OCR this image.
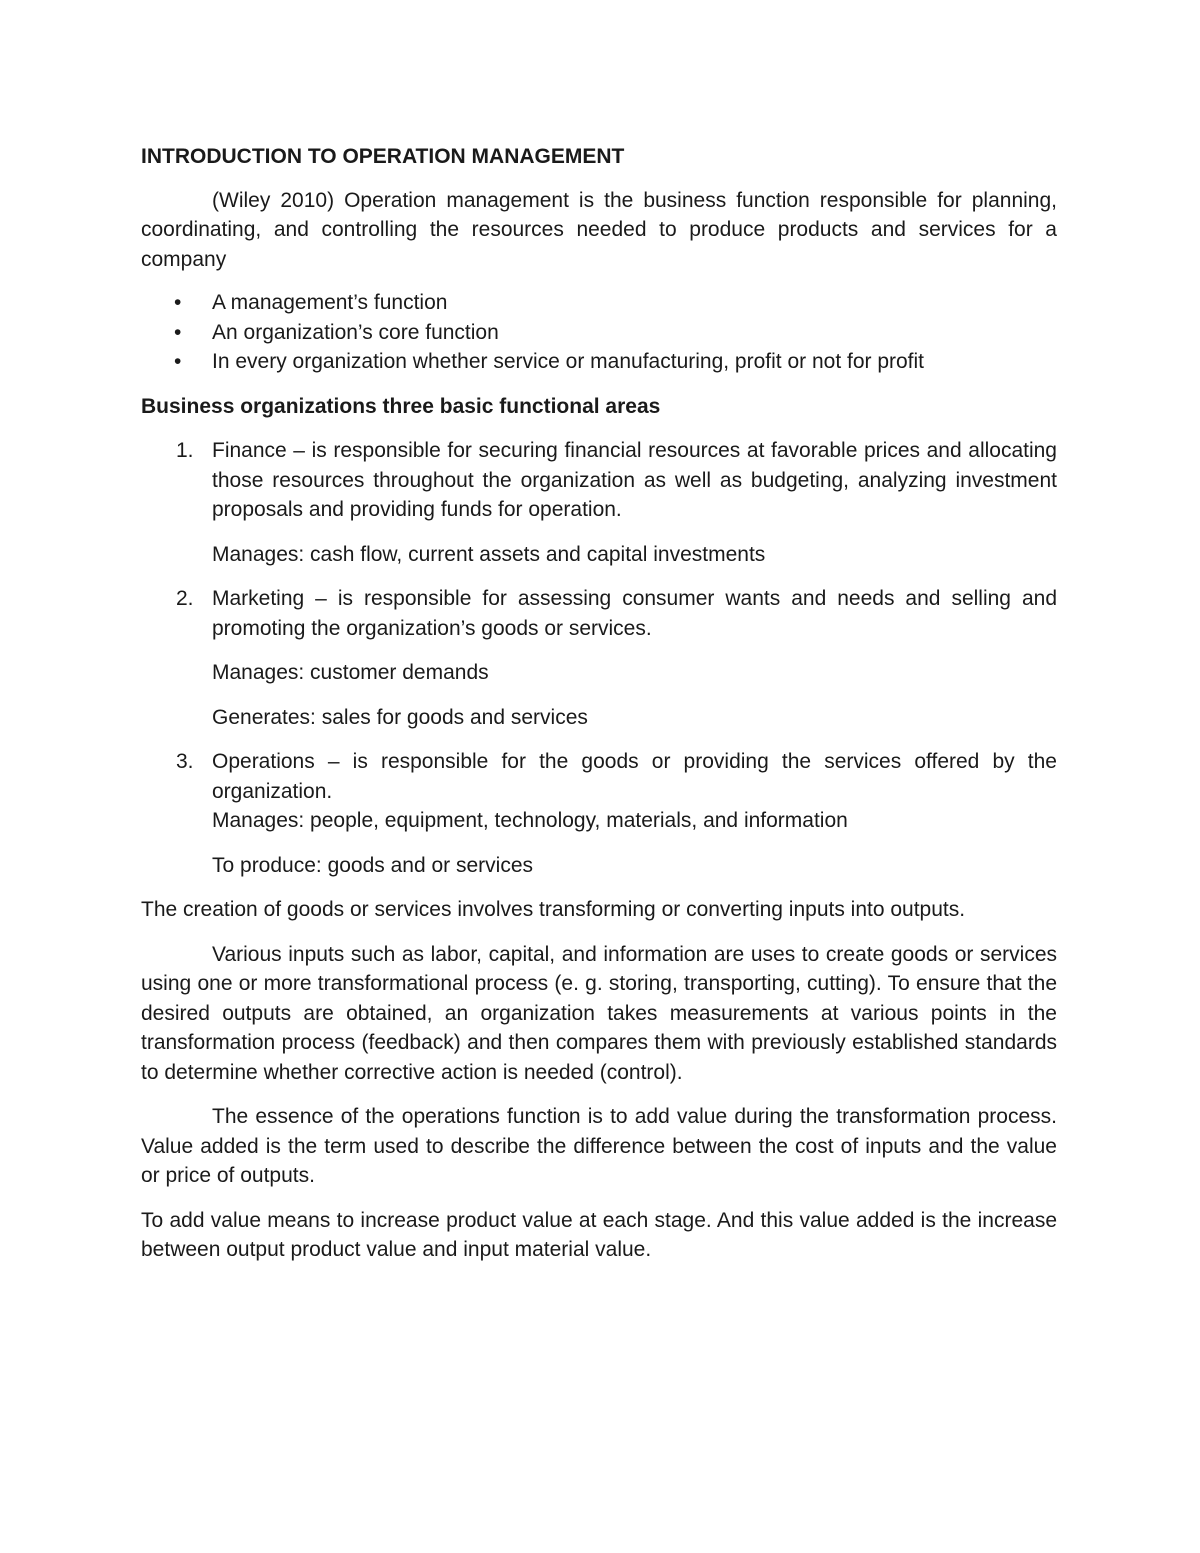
INTRODUCTION TO OPERATION MANAGEMENT

(Wiley 2010) Operation management is the business function responsible for planning, coordinating, and controlling the resources needed to produce products and services for a company

• A management’s function
• An organization’s core function
• In every organization whether service or manufacturing, profit or not for profit

Business organizations three basic functional areas

1. Finance – is responsible for securing financial resources at favorable prices and allocating those resources throughout the organization as well as budgeting, analyzing investment proposals and providing funds for operation.

Manages: cash flow, current assets and capital investments

2. Marketing – is responsible for assessing consumer wants and needs and selling and promoting the organization’s goods or services.

Manages: customer demands

Generates: sales for goods and services

3. Operations – is responsible for the goods or providing the services offered by the organization.

Manages: people, equipment, technology, materials, and information

To produce: goods and or services

The creation of goods or services involves transforming or converting inputs into outputs.

Various inputs such as labor, capital, and information are uses to create goods or services using one or more transformational process (e. g. storing, transporting, cutting). To ensure that the desired outputs are obtained, an organization takes measurements at various points in the transformation process (feedback) and then compares them with previously established standards to determine whether corrective action is needed (control).

The essence of the operations function is to add value during the transformation process. Value added is the term used to describe the difference between the cost of inputs and the value or price of outputs.

To add value means to increase product value at each stage. And this value added is the increase between output product value and input material value.
